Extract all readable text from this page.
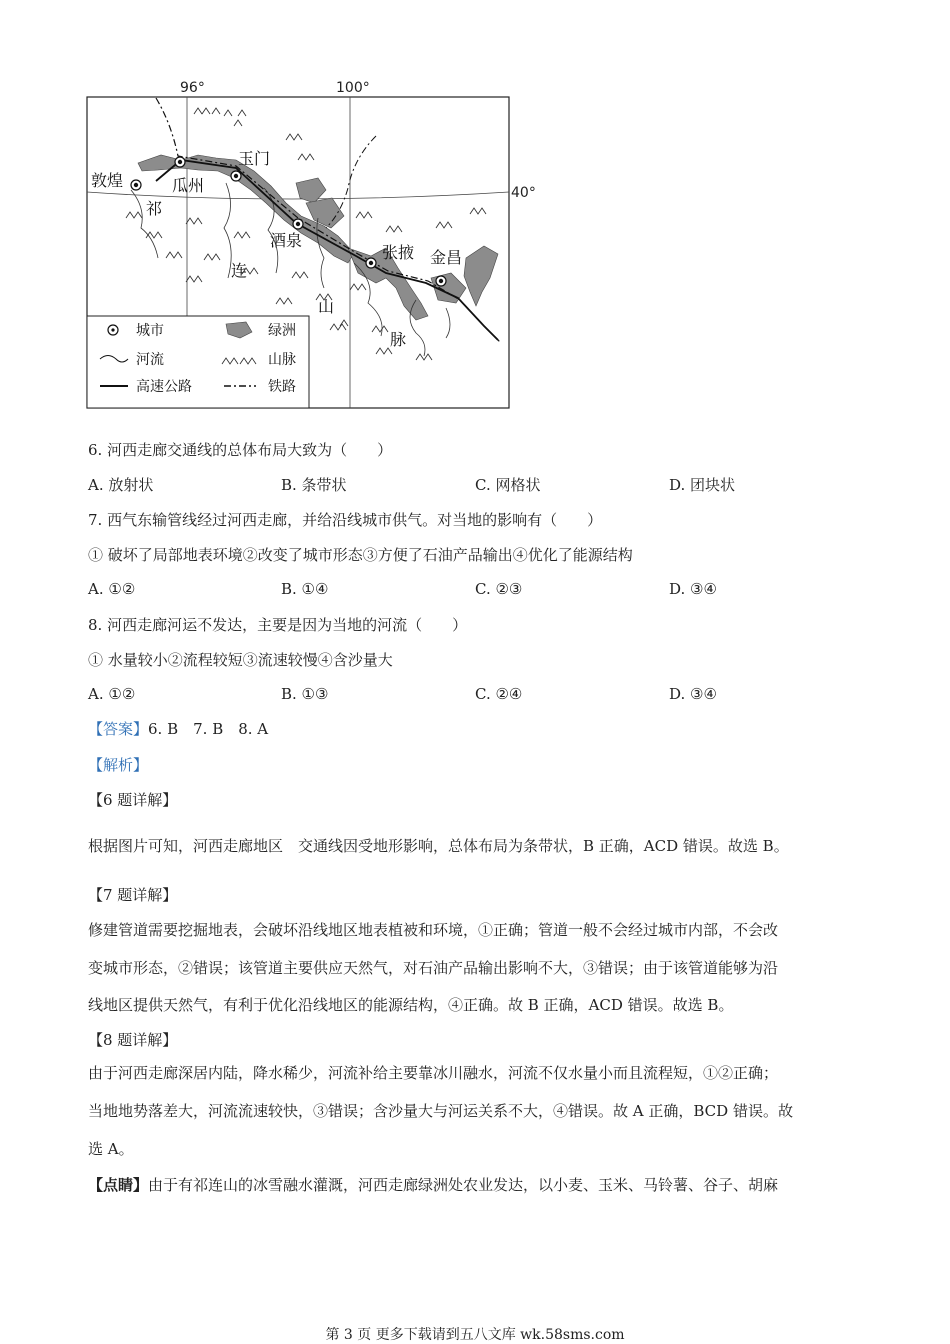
96°	100°
40°
敦煌	瓜州
玉门
酒泉
张掖 金昌
祁
连
山
脉
城市	绿洲
河流	山脉
高速公路	铁路
6. 河西走廊交通线的总体布局大致为（　　）
A. 放射状	B. 条带状	C. 网格状	D. 团块状
7. 西气东输管线经过河西走廊，并给沿线城市供气。对当地的影响有（　　）
① 破坏了局部地表环境②改变了城市形态③方便了石油产品输出④优化了能源结构
A. ①②	B. ①④	C. ②③	D. ③④
8. 河西走廊河运不发达，主要是因为当地的河流（　　）
① 水量较小②流程较短③流速较慢④含沙量大
A. ①②	B. ①③	C. ②④	D. ③④
【答案】6. B　7. B　8. A
【解析】
【6 题详解】
根据图片可知，河西走廊地区　交通线因受地形影响，总体布局为条带状，B 正确，ACD 错误。故选 B。
【7 题详解】
修建管道需要挖掘地表，会破坏沿线地区地表植被和环境，①正确；管道一般不会经过城市内部，不会改
变城市形态，②错误；该管道主要供应天然气，对石油产品输出影响不大，③错误；由于该管道能够为沿
线地区提供天然气，有利于优化沿线地区的能源结构，④正确。故 B 正确，ACD 错误。故选 B。
【8 题详解】
由于河西走廊深居内陆，降水稀少，河流补给主要靠冰川融水，河流不仅水量小而且流程短，①②正确；
当地地势落差大，河流流速较快，③错误；含沙量大与河运关系不大，④错误。故 A 正确，BCD 错误。故
选 A。
【点睛】由于有祁连山的冰雪融水灌溉，河西走廊绿洲处农业发达，以小麦、玉米、马铃薯、谷子、胡麻
第 3 页 更多下载请到五八文库 wk.58sms.com
